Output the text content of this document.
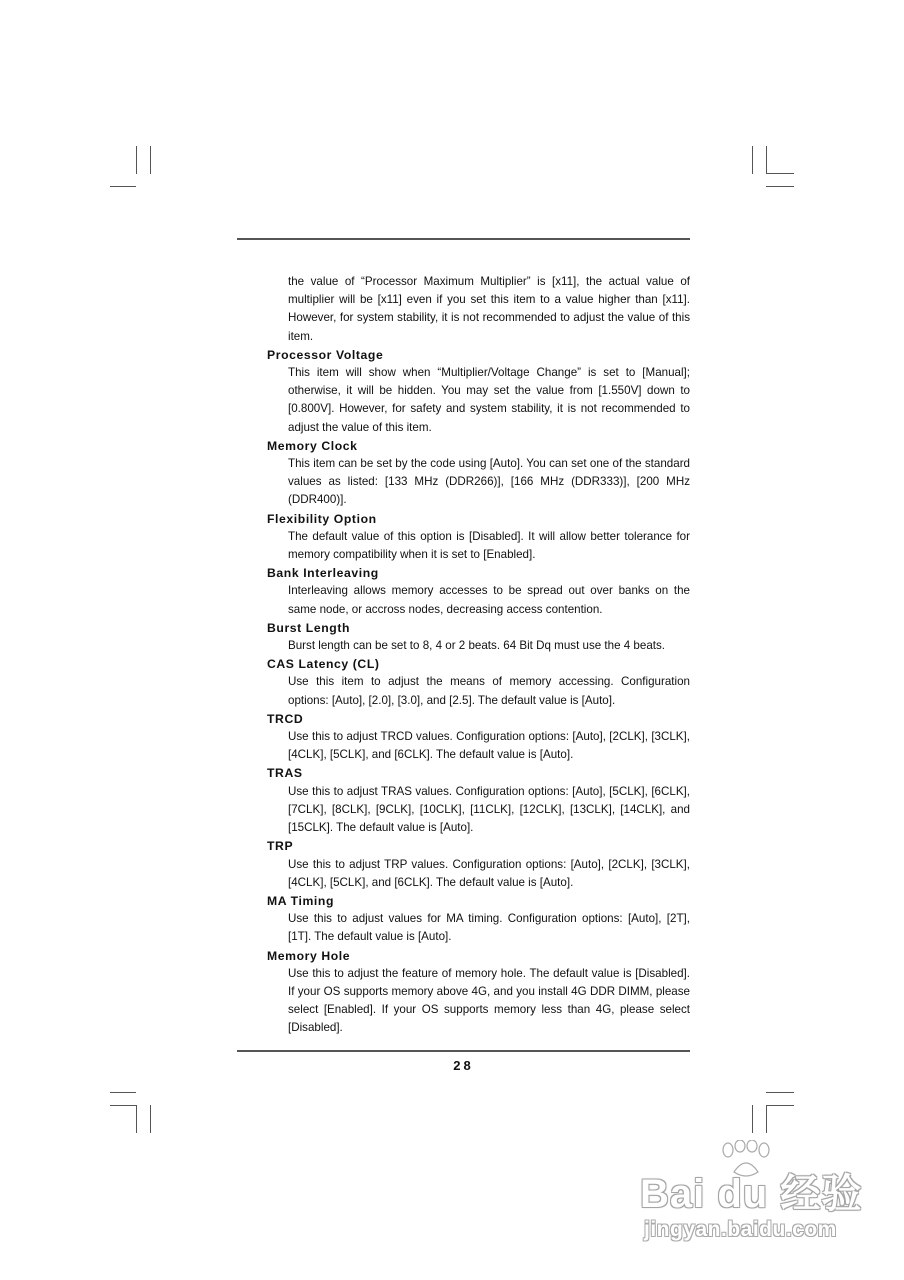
the value of “Processor Maximum Multiplier” is [x11], the actual value of multiplier will be [x11] even if you set this item to a value higher than [x11]. However, for system stability, it is not recommended to adjust the value of this item.

Processor Voltage

This item will show when “Multiplier/Voltage Change” is set to [Manual]; otherwise, it will be hidden. You may set the value from [1.550V] down to [0.800V]. However, for safety and system stability, it is not recommended to adjust the value of this item.

Memory Clock

This item can be set by the code using [Auto]. You can set one of the standard values as listed: [133 MHz (DDR266)], [166 MHz (DDR333)], [200 MHz (DDR400)].

Flexibility Option

The default value of this option is [Disabled]. It will allow better tolerance for memory compatibility when it is set to [Enabled].

Bank Interleaving

Interleaving allows memory accesses to be spread out over banks on the same node, or accross nodes, decreasing access contention.

Burst Length

Burst length can be set to 8, 4 or 2 beats. 64 Bit Dq must use the 4 beats.

CAS Latency (CL)

Use this item to adjust the means of memory accessing. Configuration options: [Auto], [2.0], [3.0], and [2.5]. The default value is [Auto].

TRCD

Use this to adjust TRCD values. Configuration options: [Auto], [2CLK], [3CLK], [4CLK], [5CLK], and [6CLK]. The default value is [Auto].

TRAS

Use this to adjust TRAS values. Configuration options: [Auto], [5CLK], [6CLK], [7CLK], [8CLK], [9CLK], [10CLK], [11CLK], [12CLK], [13CLK], [14CLK], and [15CLK]. The default value is [Auto].

TRP

Use this to adjust TRP values. Configuration options: [Auto], [2CLK], [3CLK], [4CLK], [5CLK], and [6CLK]. The default value is [Auto].

MA Timing

Use this to adjust values for MA timing. Configuration options: [Auto], [2T], [1T]. The default value is [Auto].

Memory Hole

Use this to adjust the feature of memory hole. The default value is [Disabled]. If your OS supports memory above 4G, and you install 4G DDR DIMM, please select [Enabled]. If your OS supports memory less than 4G, please select [Disabled].

28
Bai du 经验
jingyan.baidu.com
